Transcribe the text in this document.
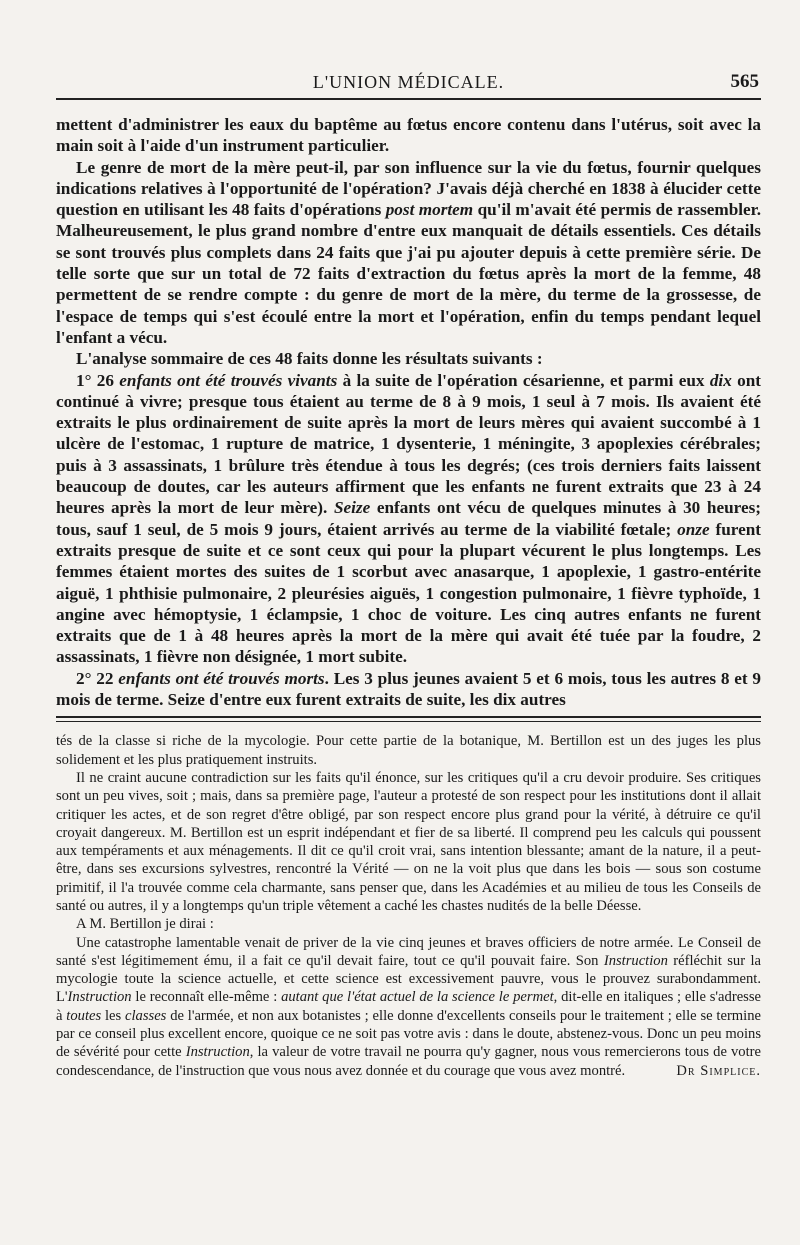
L'UNION MÉDICALE.	565

mettent d'administrer les eaux du baptême au fœtus encore contenu dans l'utérus, soit avec la main soit à l'aide d'un instrument particulier.

Le genre de mort de la mère peut-il, par son influence sur la vie du fœtus, fournir quelques indications relatives à l'opportunité de l'opération? J'avais déjà cherché en 1838 à élucider cette question en utilisant les 48 faits d'opérations post mortem qu'il m'avait été permis de rassembler. Malheureusement, le plus grand nombre d'entre eux manquait de détails essentiels. Ces détails se sont trouvés plus complets dans 24 faits que j'ai pu ajouter depuis à cette première série. De telle sorte que sur un total de 72 faits d'extraction du fœtus après la mort de la femme, 48 permettent de se rendre compte : du genre de mort de la mère, du terme de la grossesse, de l'espace de temps qui s'est écoulé entre la mort et l'opération, enfin du temps pendant lequel l'enfant a vécu.

L'analyse sommaire de ces 48 faits donne les résultats suivants :

1° 26 enfants ont été trouvés vivants à la suite de l'opération césarienne, et parmi eux dix ont continué à vivre; presque tous étaient au terme de 8 à 9 mois, 1 seul à 7 mois. Ils avaient été extraits le plus ordinairement de suite après la mort de leurs mères qui avaient succombé à 1 ulcère de l'estomac, 1 rupture de matrice, 1 dysenterie, 1 méningite, 3 apoplexies cérébrales; puis à 3 assassinats, 1 brûlure très étendue à tous les degrés; (ces trois derniers faits laissent beaucoup de doutes, car les auteurs affirment que les enfants ne furent extraits que 23 à 24 heures après la mort de leur mère). Seize enfants ont vécu de quelques minutes à 30 heures; tous, sauf 1 seul, de 5 mois 9 jours, étaient arrivés au terme de la viabilité fœtale; onze furent extraits presque de suite et ce sont ceux qui pour la plupart vécurent le plus longtemps. Les femmes étaient mortes des suites de 1 scorbut avec anasarque, 1 apoplexie, 1 gastro-entérite aiguë, 1 phthisie pulmonaire, 2 pleurésies aiguës, 1 congestion pulmonaire, 1 fièvre typhoïde, 1 angine avec hémoptysie, 1 éclampsie, 1 choc de voiture. Les cinq autres enfants ne furent extraits que de 1 à 48 heures après la mort de la mère qui avait été tuée par la foudre, 2 assassinats, 1 fièvre non désignée, 1 mort subite.

2° 22 enfants ont été trouvés morts. Les 3 plus jeunes avaient 5 et 6 mois, tous les autres 8 et 9 mois de terme. Seize d'entre eux furent extraits de suite, les dix autres

tés de la classe si riche de la mycologie. Pour cette partie de la botanique, M. Bertillon est un des juges les plus solidement et les plus pratiquement instruits.

Il ne craint aucune contradiction sur les faits qu'il énonce, sur les critiques qu'il a cru devoir produire. Ses critiques sont un peu vives, soit ; mais, dans sa première page, l'auteur a protesté de son respect pour les institutions dont il allait critiquer les actes, et de son regret d'être obligé, par son respect encore plus grand pour la vérité, à détruire ce qu'il croyait dangereux. M. Bertillon est un esprit indépendant et fier de sa liberté. Il comprend peu les calculs qui poussent aux tempéraments et aux ménagements. Il dit ce qu'il croit vrai, sans intention blessante; amant de la nature, il a peut-être, dans ses excursions sylvestres, rencontré la Vérité — on ne la voit plus que dans les bois — sous son costume primitif, il l'a trouvée comme cela charmante, sans penser que, dans les Académies et au milieu de tous les Conseils de santé ou autres, il y a longtemps qu'un triple vêtement a caché les chastes nudités de la belle Déesse.

A M. Bertillon je dirai :

Une catastrophe lamentable venait de priver de la vie cinq jeunes et braves officiers de notre armée. Le Conseil de santé s'est légitimement ému, il a fait ce qu'il devait faire, tout ce qu'il pouvait faire. Son Instruction réfléchit sur la mycologie toute la science actuelle, et cette science est excessivement pauvre, vous le prouvez surabondamment. L'Instruction le reconnaît elle-même : autant que l'état actuel de la science le permet, dit-elle en italiques ; elle s'adresse à toutes les classes de l'armée, et non aux botanistes ; elle donne d'excellents conseils pour le traitement ; elle se termine par ce conseil plus excellent encore, quoique ce ne soit pas votre avis : dans le doute, abstenez-vous. Donc un peu moins de sévérité pour cette Instruction, la valeur de votre travail ne pourra qu'y gagner, nous vous remercierons tous de votre condescendance, de l'instruction que vous nous avez donnée et du courage que vous avez montré.	Dr Simplice.
